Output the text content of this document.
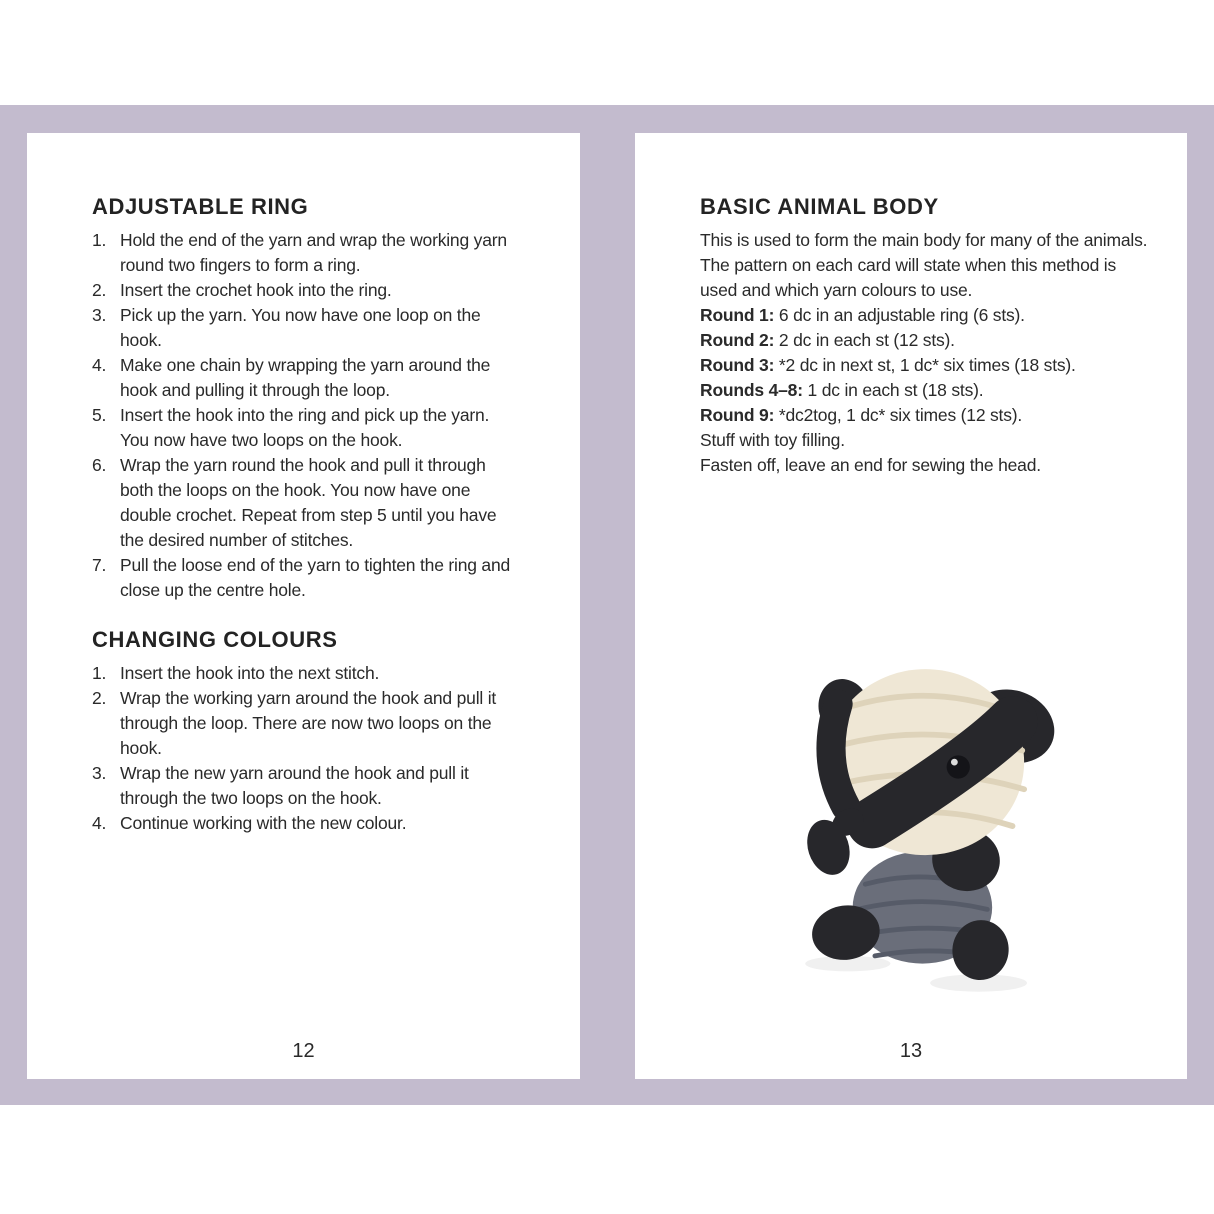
ADJUSTABLE RING
1. Hold the end of the yarn and wrap the working yarn round two fingers to form a ring.
2. Insert the crochet hook into the ring.
3. Pick up the yarn. You now have one loop on the hook.
4. Make one chain by wrapping the yarn around the hook and pulling it through the loop.
5. Insert the hook into the ring and pick up the yarn. You now have two loops on the hook.
6. Wrap the yarn round the hook and pull it through both the loops on the hook. You now have one double crochet. Repeat from step 5 until you have the desired number of stitches.
7. Pull the loose end of the yarn to tighten the ring and close up the centre hole.
CHANGING COLOURS
1. Insert the hook into the next stitch.
2. Wrap the working yarn around the hook and pull it through the loop. There are now two loops on the hook.
3. Wrap the new yarn around the hook and pull it through the two loops on the hook.
4. Continue working with the new colour.
12
BASIC ANIMAL BODY

This is used to form the main body for many of the animals. The pattern on each card will state when this method is used and which yarn colours to use.

Round 1: 6 dc in an adjustable ring (6 sts).

Round 2: 2 dc in each st (12 sts).

Round 3: *2 dc in next st, 1 dc* six times (18 sts).

Rounds 4–8: 1 dc in each st (18 sts).

Round 9: *dc2tog, 1 dc* six times (12 sts).

Stuff with toy filling.

Fasten off, leave an end for sewing the head.

13
